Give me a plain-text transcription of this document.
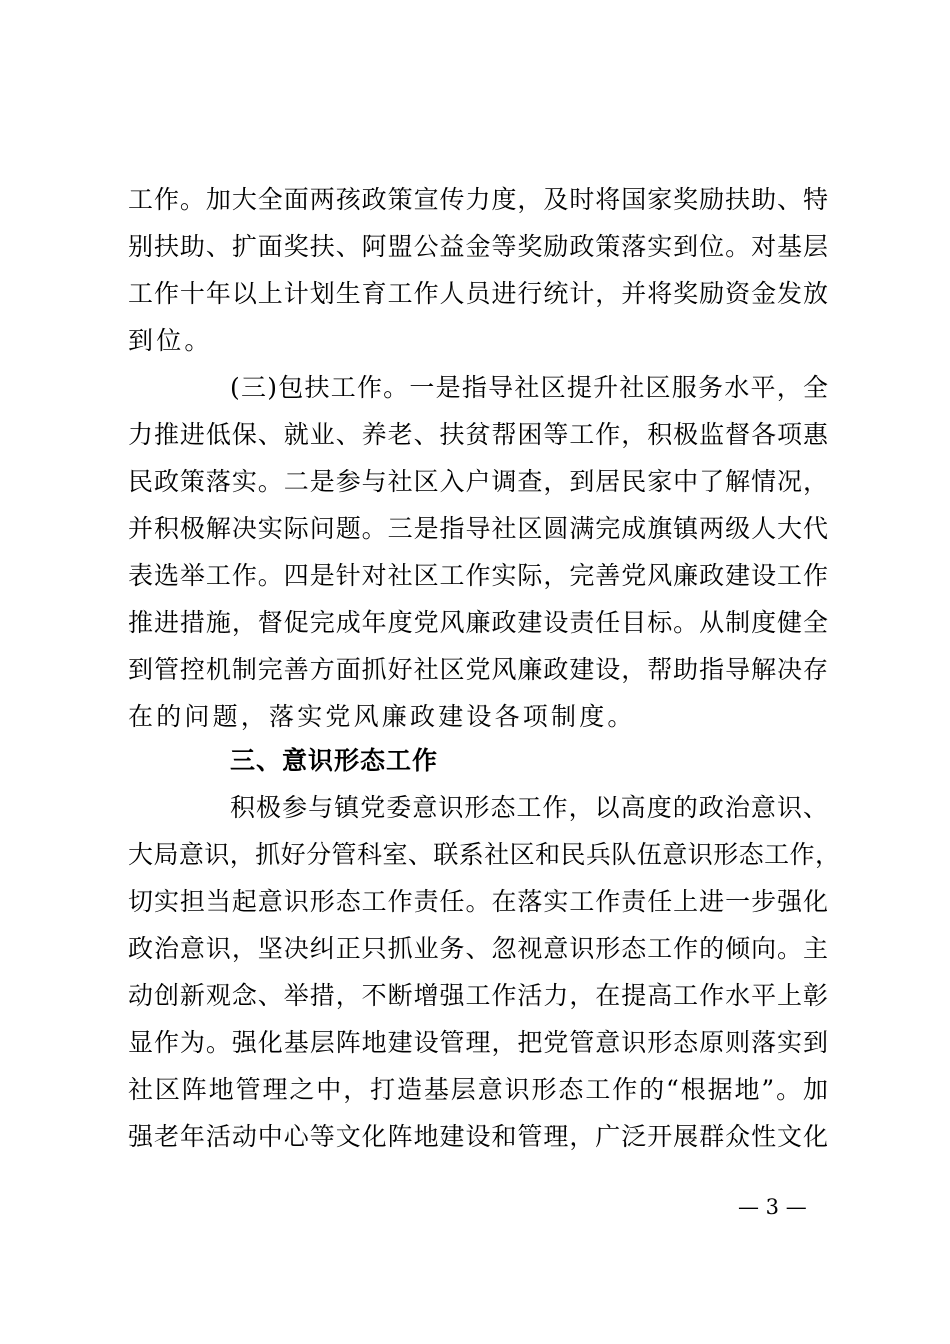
工作。加大全面两孩政策宣传力度，及时将国家奖励扶助、特
别扶助、扩面奖扶、阿盟公益金等奖励政策落实到位。对基层
工作十年以上计划生育工作人员进行统计，并将奖励资金发放
到位。
(三)包扶工作。一是指导社区提升社区服务水平，全
力推进低保、就业、养老、扶贫帮困等工作，积极监督各项惠
民政策落实。二是参与社区入户调查，到居民家中了解情况，
并积极解决实际问题。三是指导社区圆满完成旗镇两级人大代
表选举工作。四是针对社区工作实际，完善党风廉政建设工作
推进措施，督促完成年度党风廉政建设责任目标。从制度健全
到管控机制完善方面抓好社区党风廉政建设，帮助指导解决存
在的问题，落实党风廉政建设各项制度。
三、意识形态工作
积极参与镇党委意识形态工作，以高度的政治意识、
大局意识，抓好分管科室、联系社区和民兵队伍意识形态工作，
切实担当起意识形态工作责任。在落实工作责任上进一步强化
政治意识，坚决纠正只抓业务、忽视意识形态工作的倾向。主
动创新观念、举措，不断增强工作活力，在提高工作水平上彰
显作为。强化基层阵地建设管理，把党管意识形态原则落实到
社区阵地管理之中，打造基层意识形态工作的“根据地”。加
强老年活动中心等文化阵地建设和管理，广泛开展群众性文化
— 3 —
